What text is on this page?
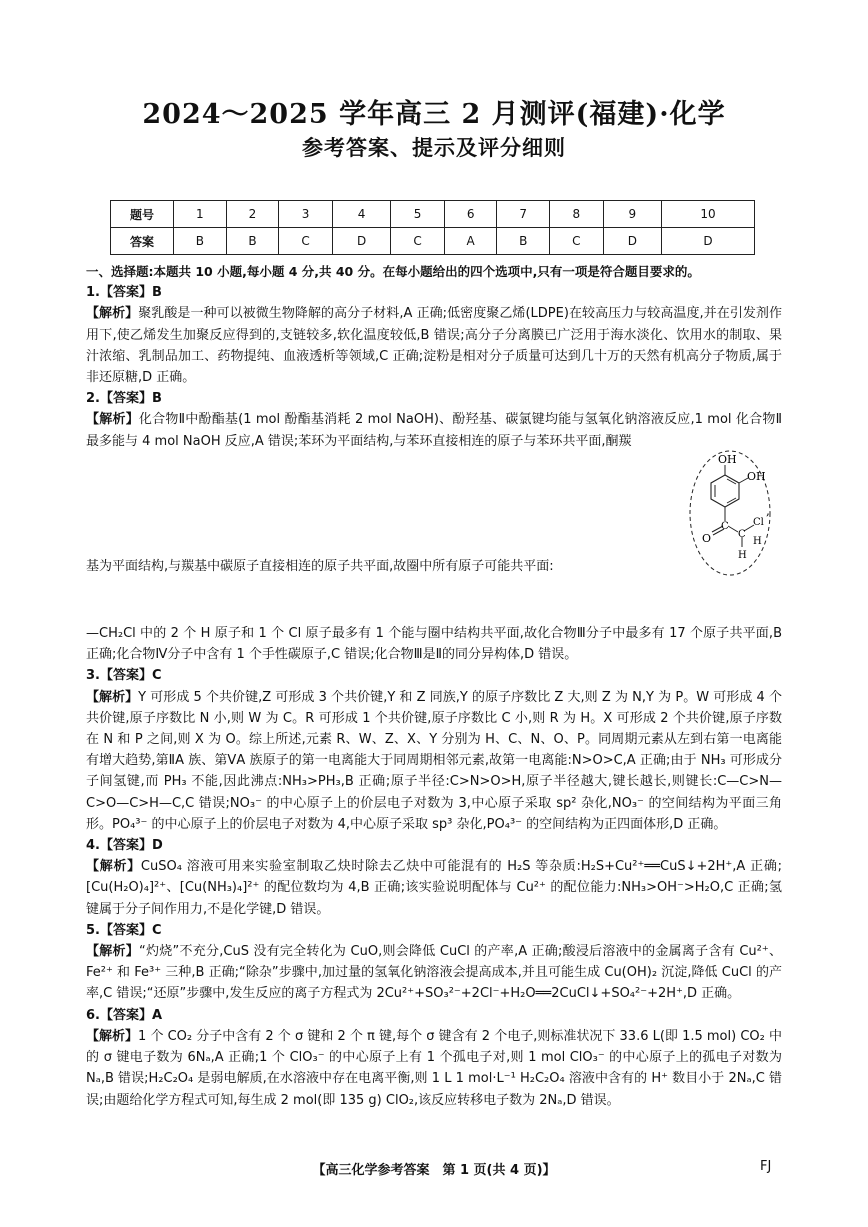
2024～2025 学年高三 2 月测评(福建)·化学
参考答案、提示及评分细则
题号	1	2	3	4	5	6	7	8	9	10
答案	B	B	C	D	C	A	B	C	D	D

一、选择题:本题共 10 小题,每小题 4 分,共 40 分。在每小题给出的四个选项中,只有一项是符合题目要求的。

1.【答案】B

【解析】聚乳酸是一种可以被微生物降解的高分子材料,A 正确;低密度聚乙烯(LDPE)在较高压力与较高温度,并在引发剂作用下,使乙烯发生加聚反应得到的,支链较多,软化温度较低,B 错误;高分子分离膜已广泛用于海水淡化、饮用水的制取、果汁浓缩、乳制品加工、药物提纯、血液透析等领域,C 正确;淀粉是相对分子质量可达到几十万的天然有机高分子物质,属于非还原糖,D 正确。

2.【答案】B

【解析】化合物Ⅱ中酚酯基(1 mol 酚酯基消耗 2 mol NaOH)、酚羟基、碳氯键均能与氢氧化钠溶液反应,1 mol 化合物Ⅱ最多能与 4 mol NaOH 反应,A 错误;苯环为平面结构,与苯环直接相连的原子与苯环共平面,酮羰

基为平面结构,与羰基中碳原子直接相连的原子共平面,故圈中所有原子可能共平面:

—CH₂Cl 中的 2 个 H 原子和 1 个 Cl 原子最多有 1 个能与圈中结构共平面,故化合物Ⅲ分子中最多有 17 个原子共平面,B 正确;化合物Ⅳ分子中含有 1 个手性碳原子,C 错误;化合物Ⅲ是Ⅱ的同分异构体,D 错误。

3.【答案】C

【解析】Y 可形成 5 个共价键,Z 可形成 3 个共价键,Y 和 Z 同族,Y 的原子序数比 Z 大,则 Z 为 N,Y 为 P。W 可形成 4 个共价键,原子序数比 N 小,则 W 为 C。R 可形成 1 个共价键,原子序数比 C 小,则 R 为 H。X 可形成 2 个共价键,原子序数在 N 和 P 之间,则 X 为 O。综上所述,元素 R、W、Z、X、Y 分别为 H、C、N、O、P。同周期元素从左到右第一电离能有增大趋势,第ⅡA 族、第ⅤA 族原子的第一电离能大于同周期相邻元素,故第一电离能:N>O>C,A 正确;由于 NH₃ 可形成分子间氢键,而 PH₃ 不能,因此沸点:NH₃>PH₃,B 正确;原子半径:C>N>O>H,原子半径越大,键长越长,则键长:C—C>N—C>O—C>H—C,C 错误;NO₃⁻ 的中心原子上的价层电子对数为 3,中心原子采取 sp² 杂化,NO₃⁻ 的空间结构为平面三角形。PO₄³⁻ 的中心原子上的价层电子对数为 4,中心原子采取 sp³ 杂化,PO₄³⁻ 的空间结构为正四面体形,D 正确。

4.【答案】D

【解析】CuSO₄ 溶液可用来实验室制取乙炔时除去乙炔中可能混有的 H₂S 等杂质:H₂S+Cu²⁺══CuS↓+2H⁺,A 正确;[Cu(H₂O)₄]²⁺、[Cu(NH₃)₄]²⁺ 的配位数均为 4,B 正确;该实验说明配体与 Cu²⁺ 的配位能力:NH₃>OH⁻>H₂O,C 正确;氢键属于分子间作用力,不是化学键,D 错误。

5.【答案】C

【解析】“灼烧”不充分,CuS 没有完全转化为 CuO,则会降低 CuCl 的产率,A 正确;酸浸后溶液中的金属离子含有 Cu²⁺、Fe²⁺ 和 Fe³⁺ 三种,B 正确;“除杂”步骤中,加过量的氢氧化钠溶液会提高成本,并且可能生成 Cu(OH)₂ 沉淀,降低 CuCl 的产率,C 错误;“还原”步骤中,发生反应的离子方程式为 2Cu²⁺+SO₃²⁻+2Cl⁻+H₂O══2CuCl↓+SO₄²⁻+2H⁺,D 正确。

6.【答案】A

【解析】1 个 CO₂ 分子中含有 2 个 σ 键和 2 个 π 键,每个 σ 键含有 2 个电子,则标准状况下 33.6 L(即 1.5 mol) CO₂ 中的 σ 键电子数为 6Nₐ,A 正确;1 个 ClO₃⁻ 的中心原子上有 1 个孤电子对,则 1 mol ClO₃⁻ 的中心原子上的孤电子对数为 Nₐ,B 错误;H₂C₂O₄ 是弱电解质,在水溶液中存在电离平衡,则 1 L 1 mol·L⁻¹ H₂C₂O₄ 溶液中含有的 H⁺ 数目小于 2Nₐ,C 错误;由题给化学方程式可知,每生成 2 mol(即 135 g) ClO₂,该反应转移电子数为 2Nₐ,D 错误。

OH
OH
C
O	C
Cl
H
H
,
【高三化学参考答案　第 1 页(共 4 页)】	FJ
